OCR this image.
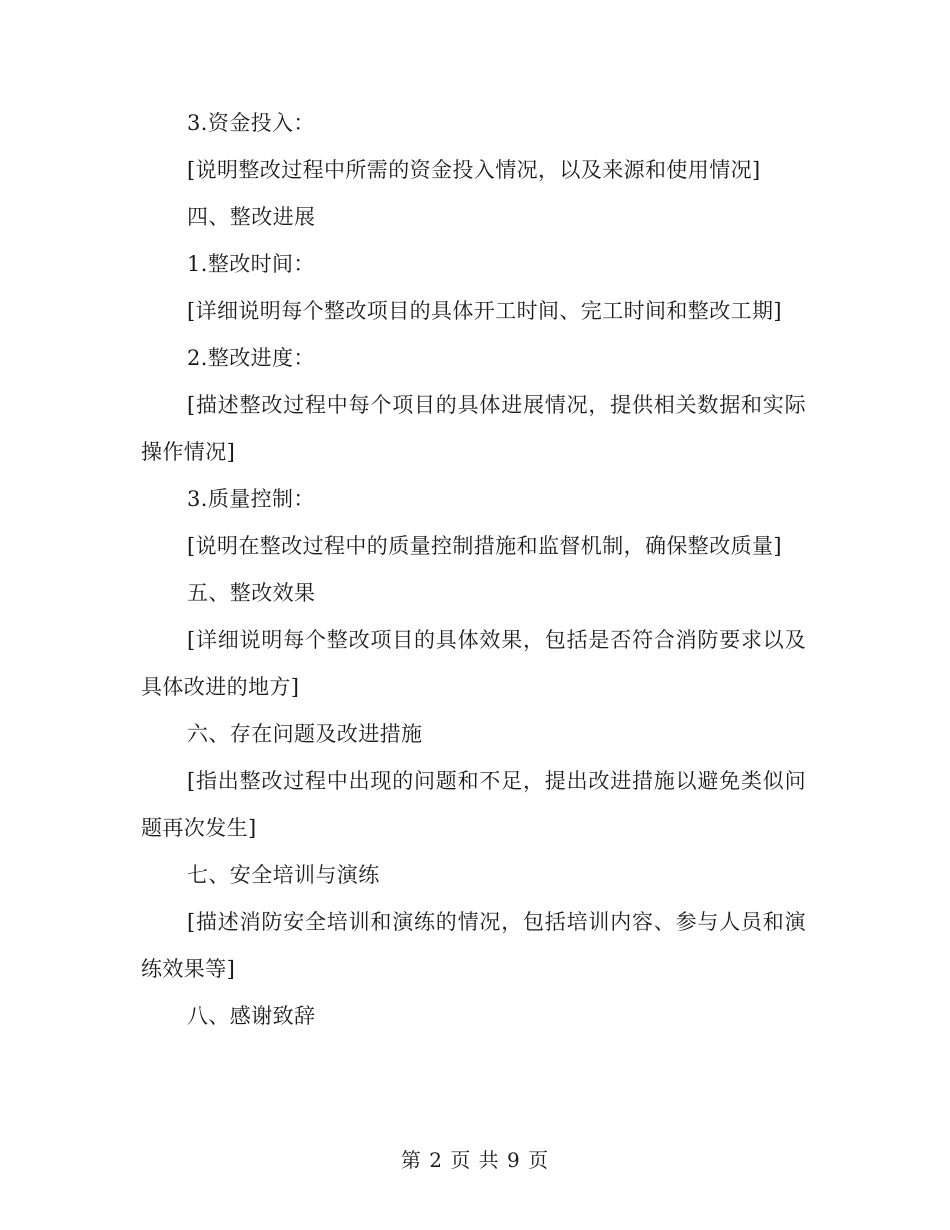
3.资金投入：

[说明整改过程中所需的资金投入情况，以及来源和使用情况]

四、整改进展

1.整改时间：

[详细说明每个整改项目的具体开工时间、完工时间和整改工期]

2.整改进度：

[描述整改过程中每个项目的具体进展情况，提供相关数据和实际操作情况]

3.质量控制：

[说明在整改过程中的质量控制措施和监督机制，确保整改质量]

五、整改效果

[详细说明每个整改项目的具体效果，包括是否符合消防要求以及具体改进的地方]

六、存在问题及改进措施

[指出整改过程中出现的问题和不足，提出改进措施以避免类似问题再次发生]

七、安全培训与演练

[描述消防安全培训和演练的情况，包括培训内容、参与人员和演练效果等]

八、感谢致辞

第 2 页 共 9 页
